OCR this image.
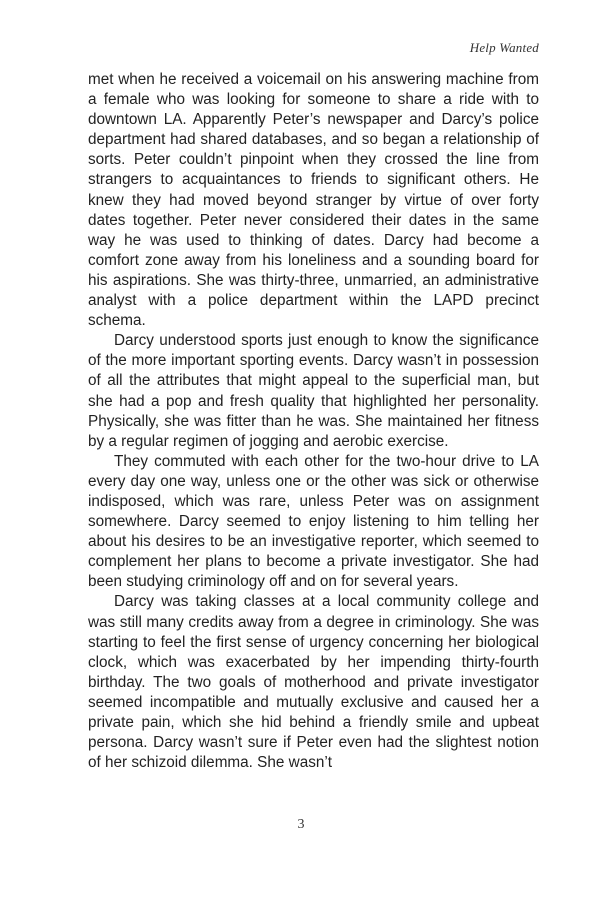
Help Wanted

met when he received a voicemail on his answering machine from a female who was looking for someone to share a ride with to downtown LA. Apparently Peter’s newspaper and Darcy’s police department had shared databases, and so began a relationship of sorts. Peter couldn’t pinpoint when they crossed the line from strangers to acquaintances to friends to significant others. He knew they had moved beyond stranger by virtue of over forty dates together. Peter never considered their dates in the same way he was used to thinking of dates. Darcy had become a comfort zone away from his loneliness and a sounding board for his aspirations. She was thirty-three, unmarried, an administrative analyst with a police department within the LAPD precinct schema.

Darcy understood sports just enough to know the significance of the more important sporting events. Darcy wasn’t in possession of all the attributes that might appeal to the superficial man, but she had a pop and fresh quality that highlighted her personality. Physically, she was fitter than he was. She maintained her fitness by a regular regimen of jogging and aerobic exercise.

They commuted with each other for the two-hour drive to LA every day one way, unless one or the other was sick or otherwise indisposed, which was rare, unless Peter was on assignment somewhere. Darcy seemed to enjoy listening to him telling her about his desires to be an investigative reporter, which seemed to complement her plans to become a private investigator. She had been studying criminology off and on for several years.

Darcy was taking classes at a local community college and was still many credits away from a degree in criminology. She was starting to feel the first sense of urgency concerning her biological clock, which was exacerbated by her impending thirty-fourth birthday. The two goals of motherhood and private investigator seemed incompatible and mutually exclusive and caused her a private pain, which she hid behind a friendly smile and upbeat persona. Darcy wasn’t sure if Peter even had the slightest notion of her schizoid dilemma. She wasn’t

3
